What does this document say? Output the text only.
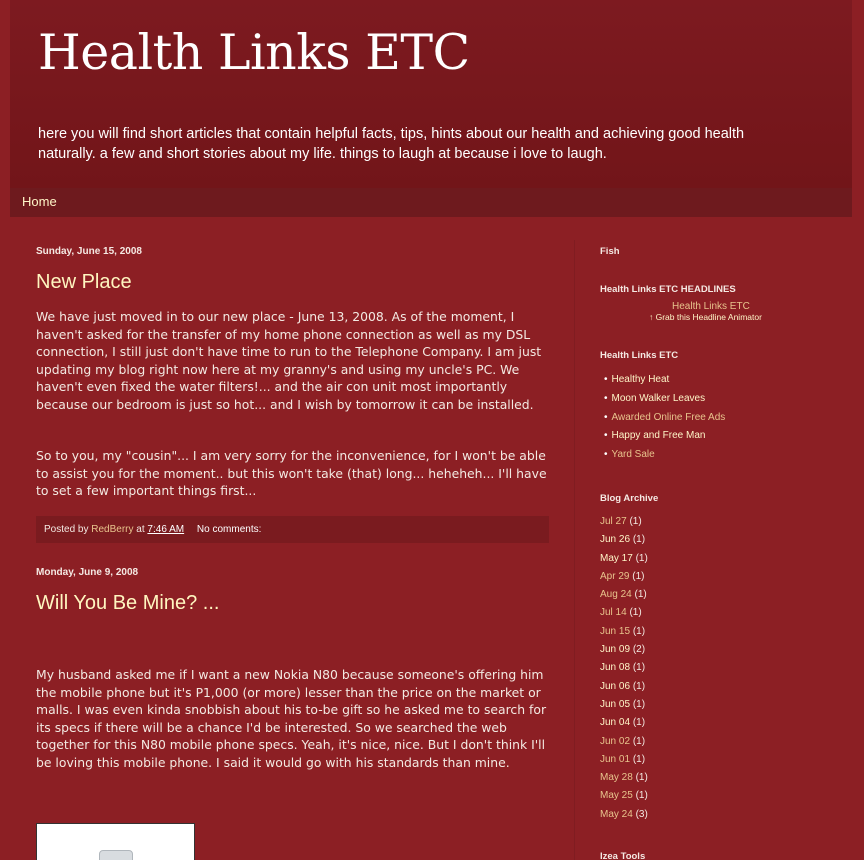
Health Links ETC
here you will find short articles that contain helpful facts, tips, hints about our health and achieving good health naturally. a few and short stories about my life. things to laugh at because i love to laugh.
Home
Sunday, June 15, 2008
New Place
We have just moved in to our new place - June 13, 2008. As of the moment, I haven't asked for the transfer of my home phone connection as well as my DSL connection, I still just don't have time to run to the Telephone Company. I am just updating my blog right now here at my granny's and using my uncle's PC. We haven't even fixed the water filters!... and the air con unit most importantly because our bedroom is just so hot... and I wish by tomorrow it can be installed.
So to you, my "cousin"... I am very sorry for the inconvenience, for I won't be able to assist you for the moment.. but this won't take (that) long... heheheh... I'll have to set a few important things first...
Posted by RedBerry at 7:46 AM No comments:
Monday, June 9, 2008
Will You Be Mine? ...
My husband asked me if I want a new Nokia N80 because someone's offering him the mobile phone but it's P1,000 (or more) lesser than the price on the market or malls. I was even kinda snobbish about his to-be gift so he asked me to search for its specs if there will be a chance I'd be interested. So we searched the web together for this N80 mobile phone specs. Yeah, it's nice, nice. But I don't think I'll be loving this mobile phone. I said it would go with his standards than mine.
Fish
Health Links ETC HEADLINES
Health Links ETC
↑ Grab this Headline Animator
Health Links ETC
• Healthy Heat
• Moon Walker Leaves
• Awarded Online Free Ads
• Happy and Free Man
• Yard Sale
Blog Archive
Jul 27 (1)
Jun 26 (1)
May 17 (1)
Apr 29 (1)
Aug 24 (1)
Jul 14 (1)
Jun 15 (1)
Jun 09 (2)
Jun 08 (1)
Jun 06 (1)
Jun 05 (1)
Jun 04 (1)
Jun 02 (1)
Jun 01 (1)
May 28 (1)
May 25 (1)
May 24 (3)
Izea Tools
